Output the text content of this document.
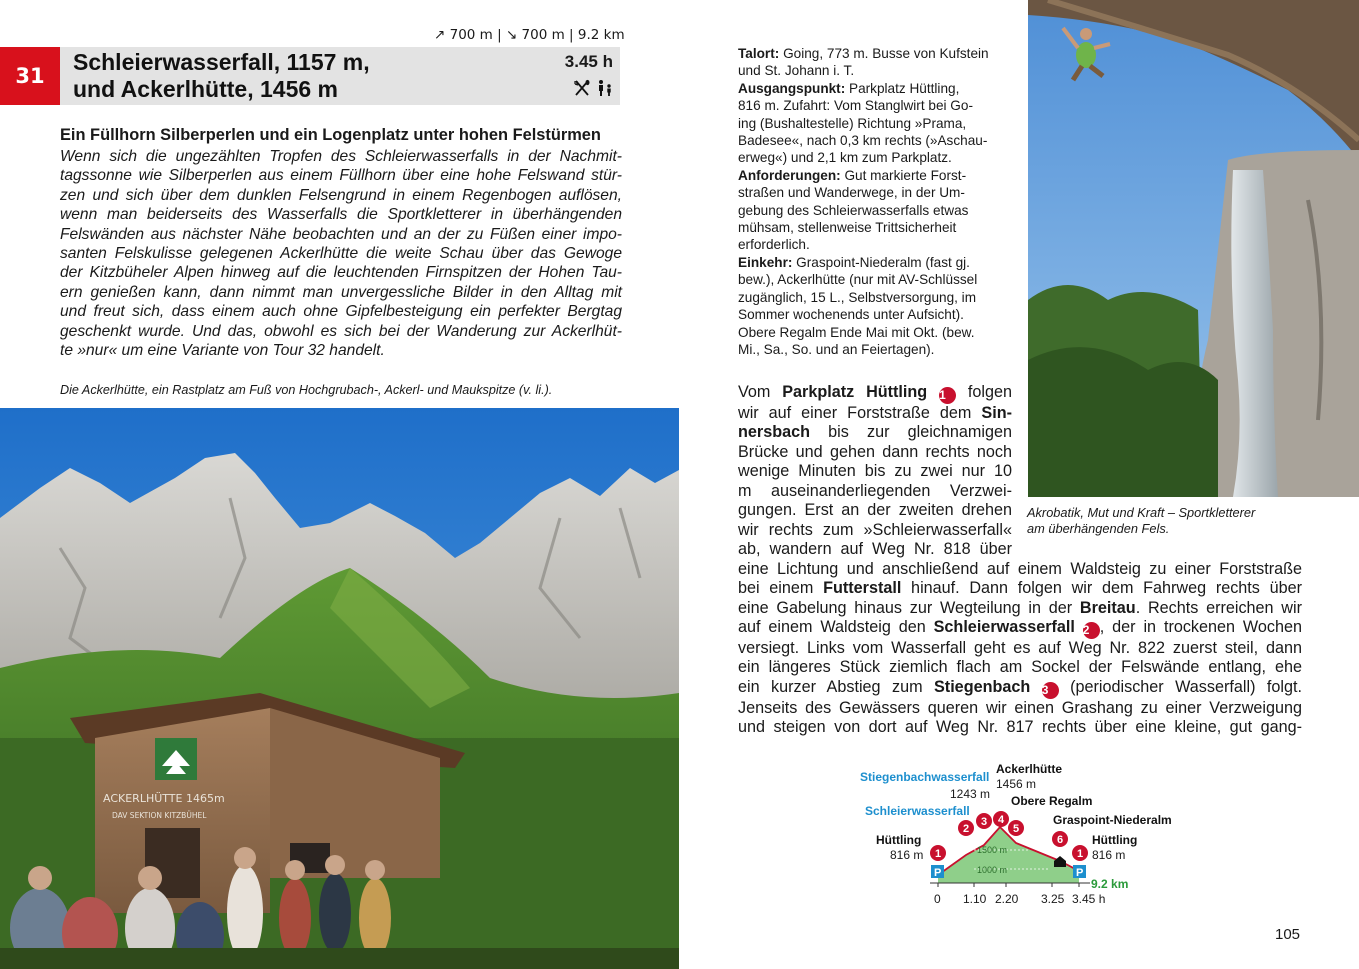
↗ 700 m | ↘ 700 m | 9.2 km
31
Schleierwasserfall, 1157 m,
und Ackerlhütte, 1456 m
3.45 h
Ein Füllhorn Silberperlen und ein Logenplatz unter hohen Felstürmen
Wenn sich die ungezählten Tropfen des Schleierwasserfalls in der Nachmit-
tagssonne wie Silberperlen aus einem Füllhorn über eine hohe Felswand stür-
zen und sich über dem dunklen Felsengrund in einem Regenbogen auflösen,
wenn man beiderseits des Wasserfalls die Sportkletterer in überhängenden
Felswänden aus nächster Nähe beobachten und an der zu Füßen einer impo-
santen Felskulisse gelegenen Ackerlhütte die weite Schau über das Gewoge
der Kitzbüheler Alpen hinweg auf die leuchtenden Firnspitzen der Hohen Tau-
ern genießen kann, dann nimmt man unvergessliche Bilder in den Alltag mit
und freut sich, dass einem auch ohne Gipfelbesteigung ein perfekter Bergtag
geschenkt wurde. Und das, obwohl es sich bei der Wanderung zur Ackerlhüt-
te »nur« um eine Variante von Tour 32 handelt.
Die Ackerlhütte, ein Rastplatz am Fuß von Hochgrubach-, Ackerl- und Maukspitze (v. li.).
ACKERLHÜTTE 1465m
DAV SEKTION KITZBÜHEL
Talort: Going, 773 m. Busse von Kufstein
und St. Johann i. T.
Ausgangspunkt: Parkplatz Hüttling,
816 m. Zufahrt: Vom Stanglwirt bei Go-
ing (Bushaltestelle) Richtung »Prama,
Badesee«, nach 0,3 km rechts (»Aschau-
erweg«) und 2,1 km zum Parkplatz.
Anforderungen: Gut markierte Forst-
straßen und Wanderwege, in der Um-
gebung des Schleierwasserfalls etwas
mühsam, stellenweise Trittsicherheit
erforderlich.
Einkehr: Graspoint-Niederalm (fast gj.
bew.), Ackerlhütte (nur mit AV-Schlüssel
zugänglich, 15 L., Selbstversorgung, im
Sommer wochenends unter Aufsicht).
Obere Regalm Ende Mai mit Okt. (bew.
Mi., Sa., So. und an Feiertagen).
Akrobatik, Mut und Kraft – Sportkletterer
am überhängenden Fels.
Vom Parkplatz Hüttling 1 folgen
wir auf einer Forststraße dem Sin-
nersbach bis zur gleichnamigen
Brücke und gehen dann rechts noch
wenige Minuten bis zu zwei nur 10
m auseinanderliegenden Verzwei-
gungen. Erst an der zweiten drehen
wir rechts zum »Schleierwasserfall«
ab, wandern auf Weg Nr. 818 über
eine Lichtung und anschließend auf einem Waldsteig zu einer Forststraße
bei einem Futterstall hinauf. Dann folgen wir dem Fahrweg rechts über
eine Gabelung hinaus zur Wegteilung in der Breitau. Rechts erreichen wir
auf einem Waldsteig den Schleierwasserfall 2 , der in trockenen Wochen
versiegt. Links vom Wasserfall geht es auf Weg Nr. 822 zuerst steil, dann
ein längeres Stück ziemlich flach am Sockel der Felswände entlang, ehe
ein kurzer Abstieg zum Stiegenbach 3 (periodischer Wasserfall) folgt.
Jenseits des Gewässers queren wir einen Grashang zu einer Verzweigung
und steigen von dort auf Weg Nr. 817 rechts über eine kleine, gut gang-
1500 m
1000 m
P	P
1
2
3 4
5
6
1
Stiegenbachwasserfall
1243 m
Ackerlhütte
1456 m
Obere Regalm
Schleierwasserfall
Graspoint-Niederalm
Hüttling
816 m
Hüttling
816 m
9.2 km
0 1.10 2.20 3.25 3.45 h
105
